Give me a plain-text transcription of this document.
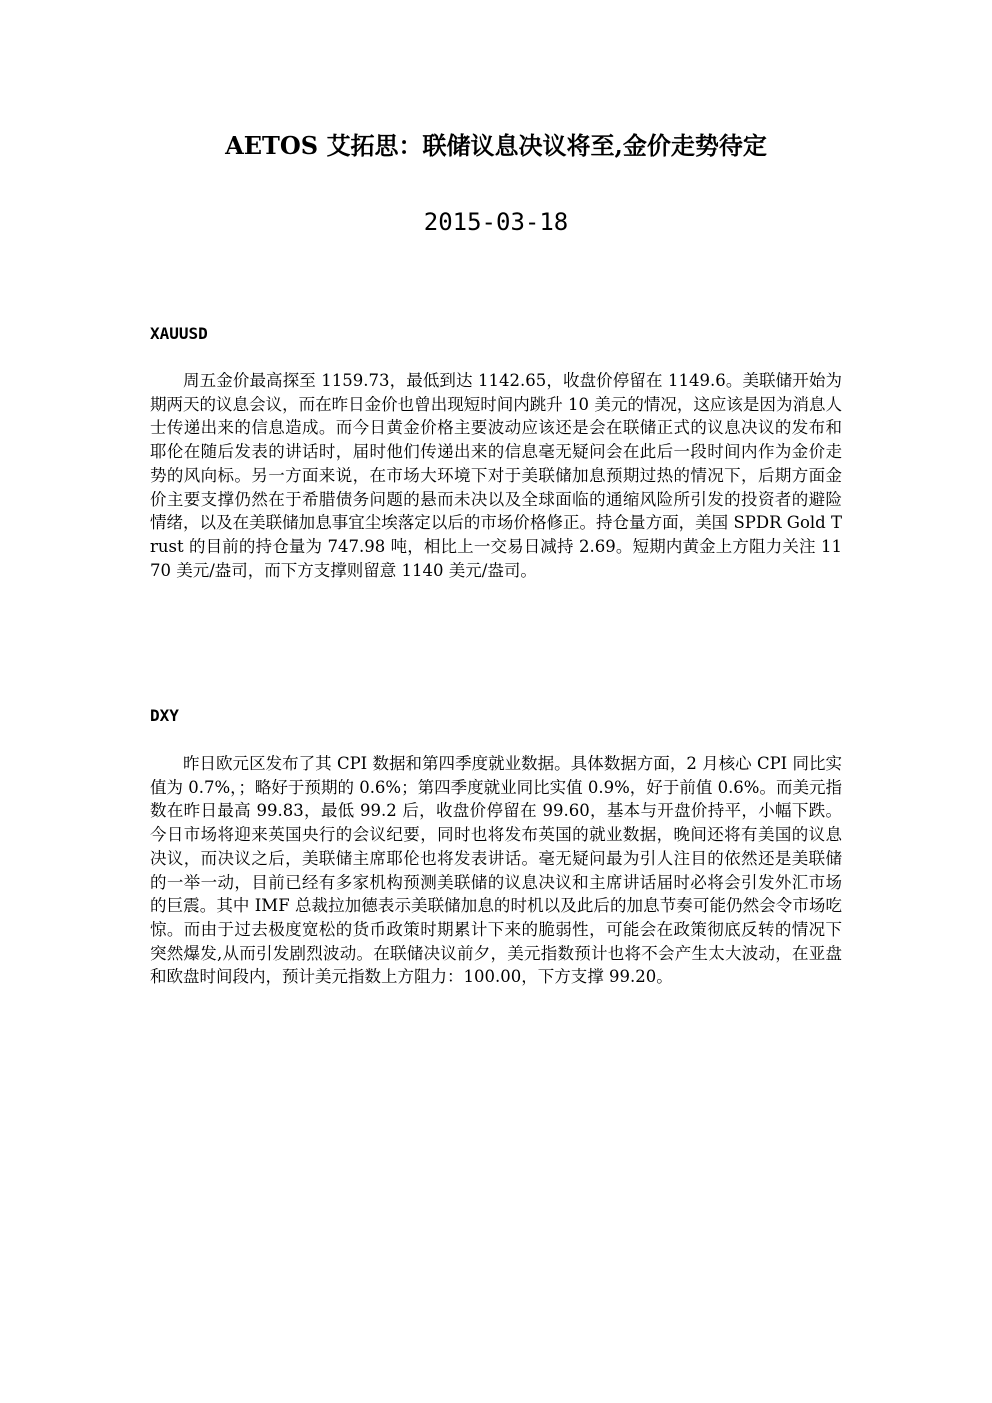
AETOS 艾拓思：联储议息决议将至,金价走势待定
2015-03-18
XAUUSD

周五金价最高探至 1159.73，最低到达 1142.65，收盘价停留在 1149.6。美联储开始为期两天的议息会议，而在昨日金价也曾出现短时间内跳升 10 美元的情况，这应该是因为消息人士传递出来的信息造成。而今日黄金价格主要波动应该还是会在联储正式的议息决议的发布和耶伦在随后发表的讲话时，届时他们传递出来的信息毫无疑问会在此后一段时间内作为金价走势的风向标。另一方面来说，在市场大环境下对于美联储加息预期过热的情况下，后期方面金价主要支撑仍然在于希腊债务问题的悬而未决以及全球面临的通缩风险所引发的投资者的避险情绪，以及在美联储加息事宜尘埃落定以后的市场价格修正。持仓量方面，美国 SPDR Gold Trust 的目前的持仓量为 747.98 吨，相比上一交易日减持 2.69。短期内黄金上方阻力关注 1170 美元/盎司，而下方支撑则留意 1140 美元/盎司。

DXY

昨日欧元区发布了其 CPI 数据和第四季度就业数据。具体数据方面，2 月核心 CPI 同比实值为 0.7%，；略好于预期的 0.6%；第四季度就业同比实值 0.9%，好于前值 0.6%。而美元指数在昨日最高 99.83，最低 99.2 后，收盘价停留在 99.60，基本与开盘价持平，小幅下跌。今日市场将迎来英国央行的会议纪要，同时也将发布英国的就业数据，晚间还将有美国的议息决议，而决议之后，美联储主席耶伦也将发表讲话。毫无疑问最为引人注目的依然还是美联储的一举一动，目前已经有多家机构预测美联储的议息决议和主席讲话届时必将会引发外汇市场的巨震。其中 IMF 总裁拉加德表示美联储加息的时机以及此后的加息节奏可能仍然会令市场吃惊。而由于过去极度宽松的货币政策时期累计下来的脆弱性，可能会在政策彻底反转的情况下突然爆发,从而引发剧烈波动。在联储决议前夕，美元指数预计也将不会产生太大波动，在亚盘和欧盘时间段内，预计美元指数上方阻力：100.00，下方支撑 99.20。
